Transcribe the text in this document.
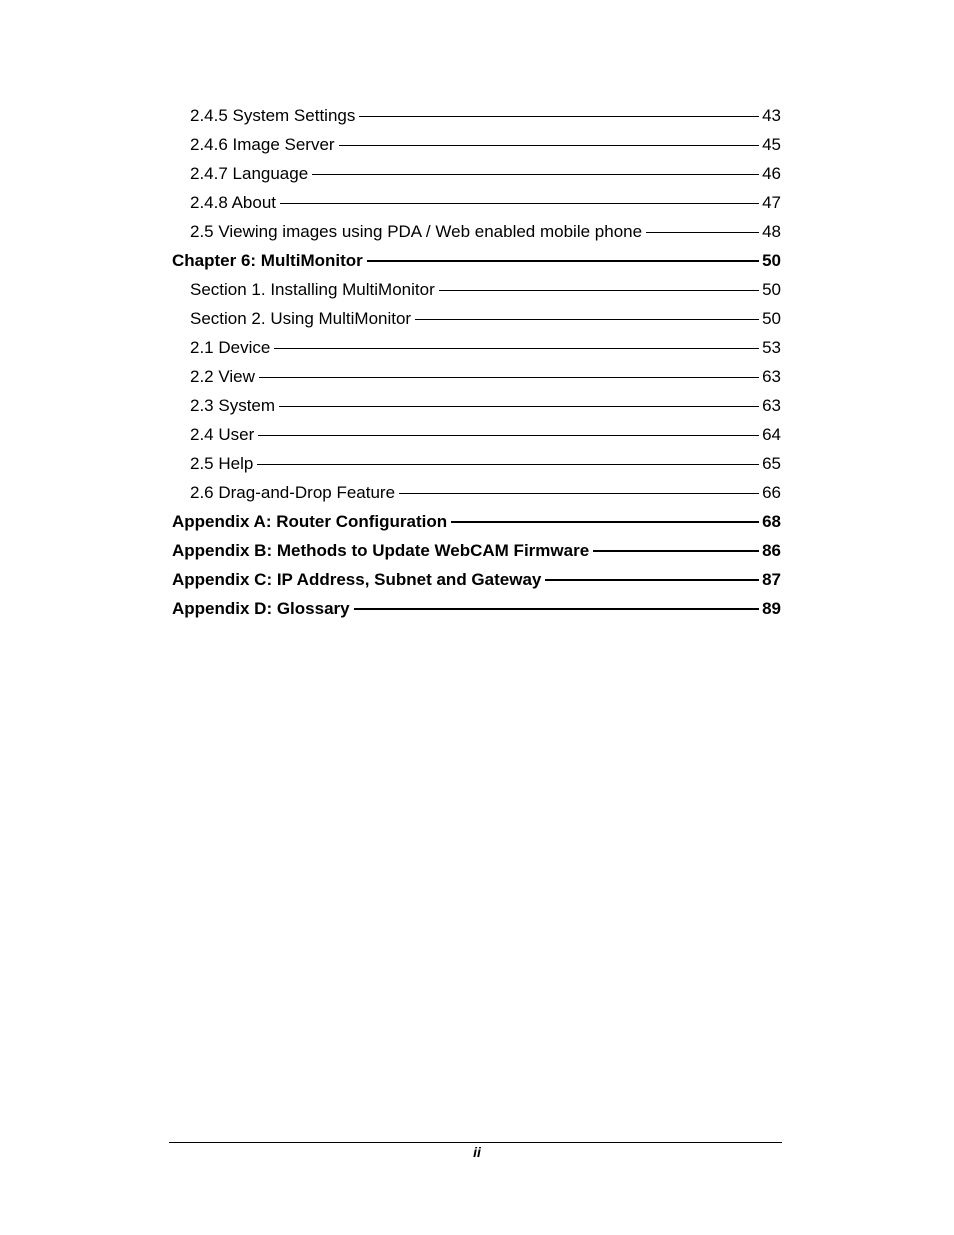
2.4.5 System Settings	43
2.4.6 Image Server	45
2.4.7 Language	46
2.4.8 About	47
2.5 Viewing images using PDA / Web enabled mobile phone	48
Chapter 6: MultiMonitor	50
Section 1. Installing MultiMonitor	50
Section 2. Using MultiMonitor	50
2.1 Device	53
2.2 View	63
2.3 System	63
2.4 User	64
2.5 Help	65
2.6 Drag-and-Drop Feature	66
Appendix A: Router Configuration	68
Appendix B: Methods to Update WebCAM Firmware	86
Appendix C: IP Address, Subnet and Gateway	87
Appendix D: Glossary	89
ii
